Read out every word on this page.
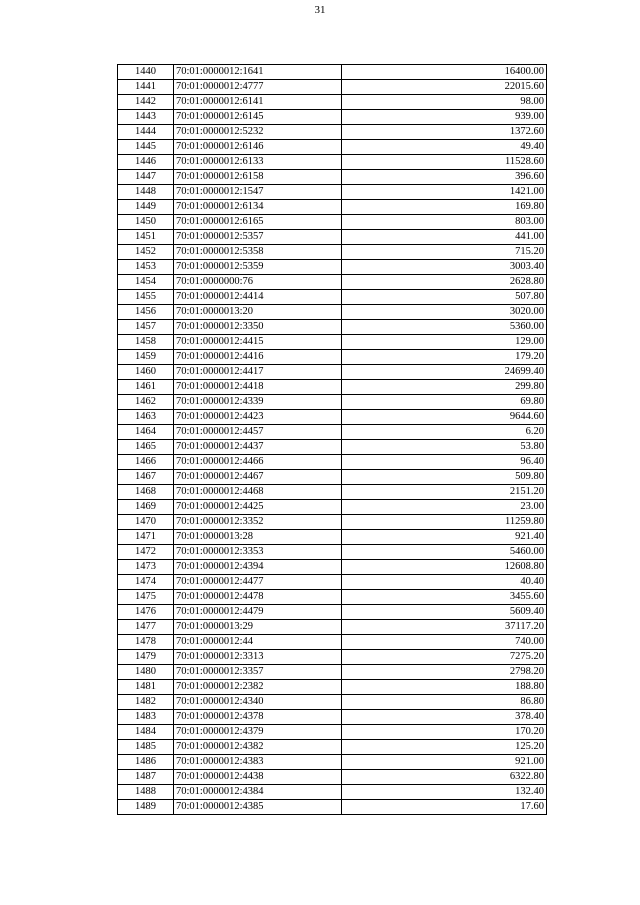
31
1440	70:01:0000012:1641	16400.00
1441	70:01:0000012:4777	22015.60
1442	70:01:0000012:6141	98.00
1443	70:01:0000012:6145	939.00
1444	70:01:0000012:5232	1372.60
1445	70:01:0000012:6146	49.40
1446	70:01:0000012:6133	11528.60
1447	70:01:0000012:6158	396.60
1448	70:01:0000012:1547	1421.00
1449	70:01:0000012:6134	169.80
1450	70:01:0000012:6165	803.00
1451	70:01:0000012:5357	441.00
1452	70:01:0000012:5358	715.20
1453	70:01:0000012:5359	3003.40
1454	70:01:0000000:76	2628.80
1455	70:01:0000012:4414	507.80
1456	70:01:0000013:20	3020.00
1457	70:01:0000012:3350	5360.00
1458	70:01:0000012:4415	129.00
1459	70:01:0000012:4416	179.20
1460	70:01:0000012:4417	24699.40
1461	70:01:0000012:4418	299.80
1462	70:01:0000012:4339	69.80
1463	70:01:0000012:4423	9644.60
1464	70:01:0000012:4457	6.20
1465	70:01:0000012:4437	53.80
1466	70:01:0000012:4466	96.40
1467	70:01:0000012:4467	509.80
1468	70:01:0000012:4468	2151.20
1469	70:01:0000012:4425	23.00
1470	70:01:0000012:3352	11259.80
1471	70:01:0000013:28	921.40
1472	70:01:0000012:3353	5460.00
1473	70:01:0000012:4394	12608.80
1474	70:01:0000012:4477	40.40
1475	70:01:0000012:4478	3455.60
1476	70:01:0000012:4479	5609.40
1477	70:01:0000013:29	37117.20
1478	70:01:0000012:44	740.00
1479	70:01:0000012:3313	7275.20
1480	70:01:0000012:3357	2798.20
1481	70:01:0000012:2382	188.80
1482	70:01:0000012:4340	86.80
1483	70:01:0000012:4378	378.40
1484	70:01:0000012:4379	170.20
1485	70:01:0000012:4382	125.20
1486	70:01:0000012:4383	921.00
1487	70:01:0000012:4438	6322.80
1488	70:01:0000012:4384	132.40
1489	70:01:0000012:4385	17.60
